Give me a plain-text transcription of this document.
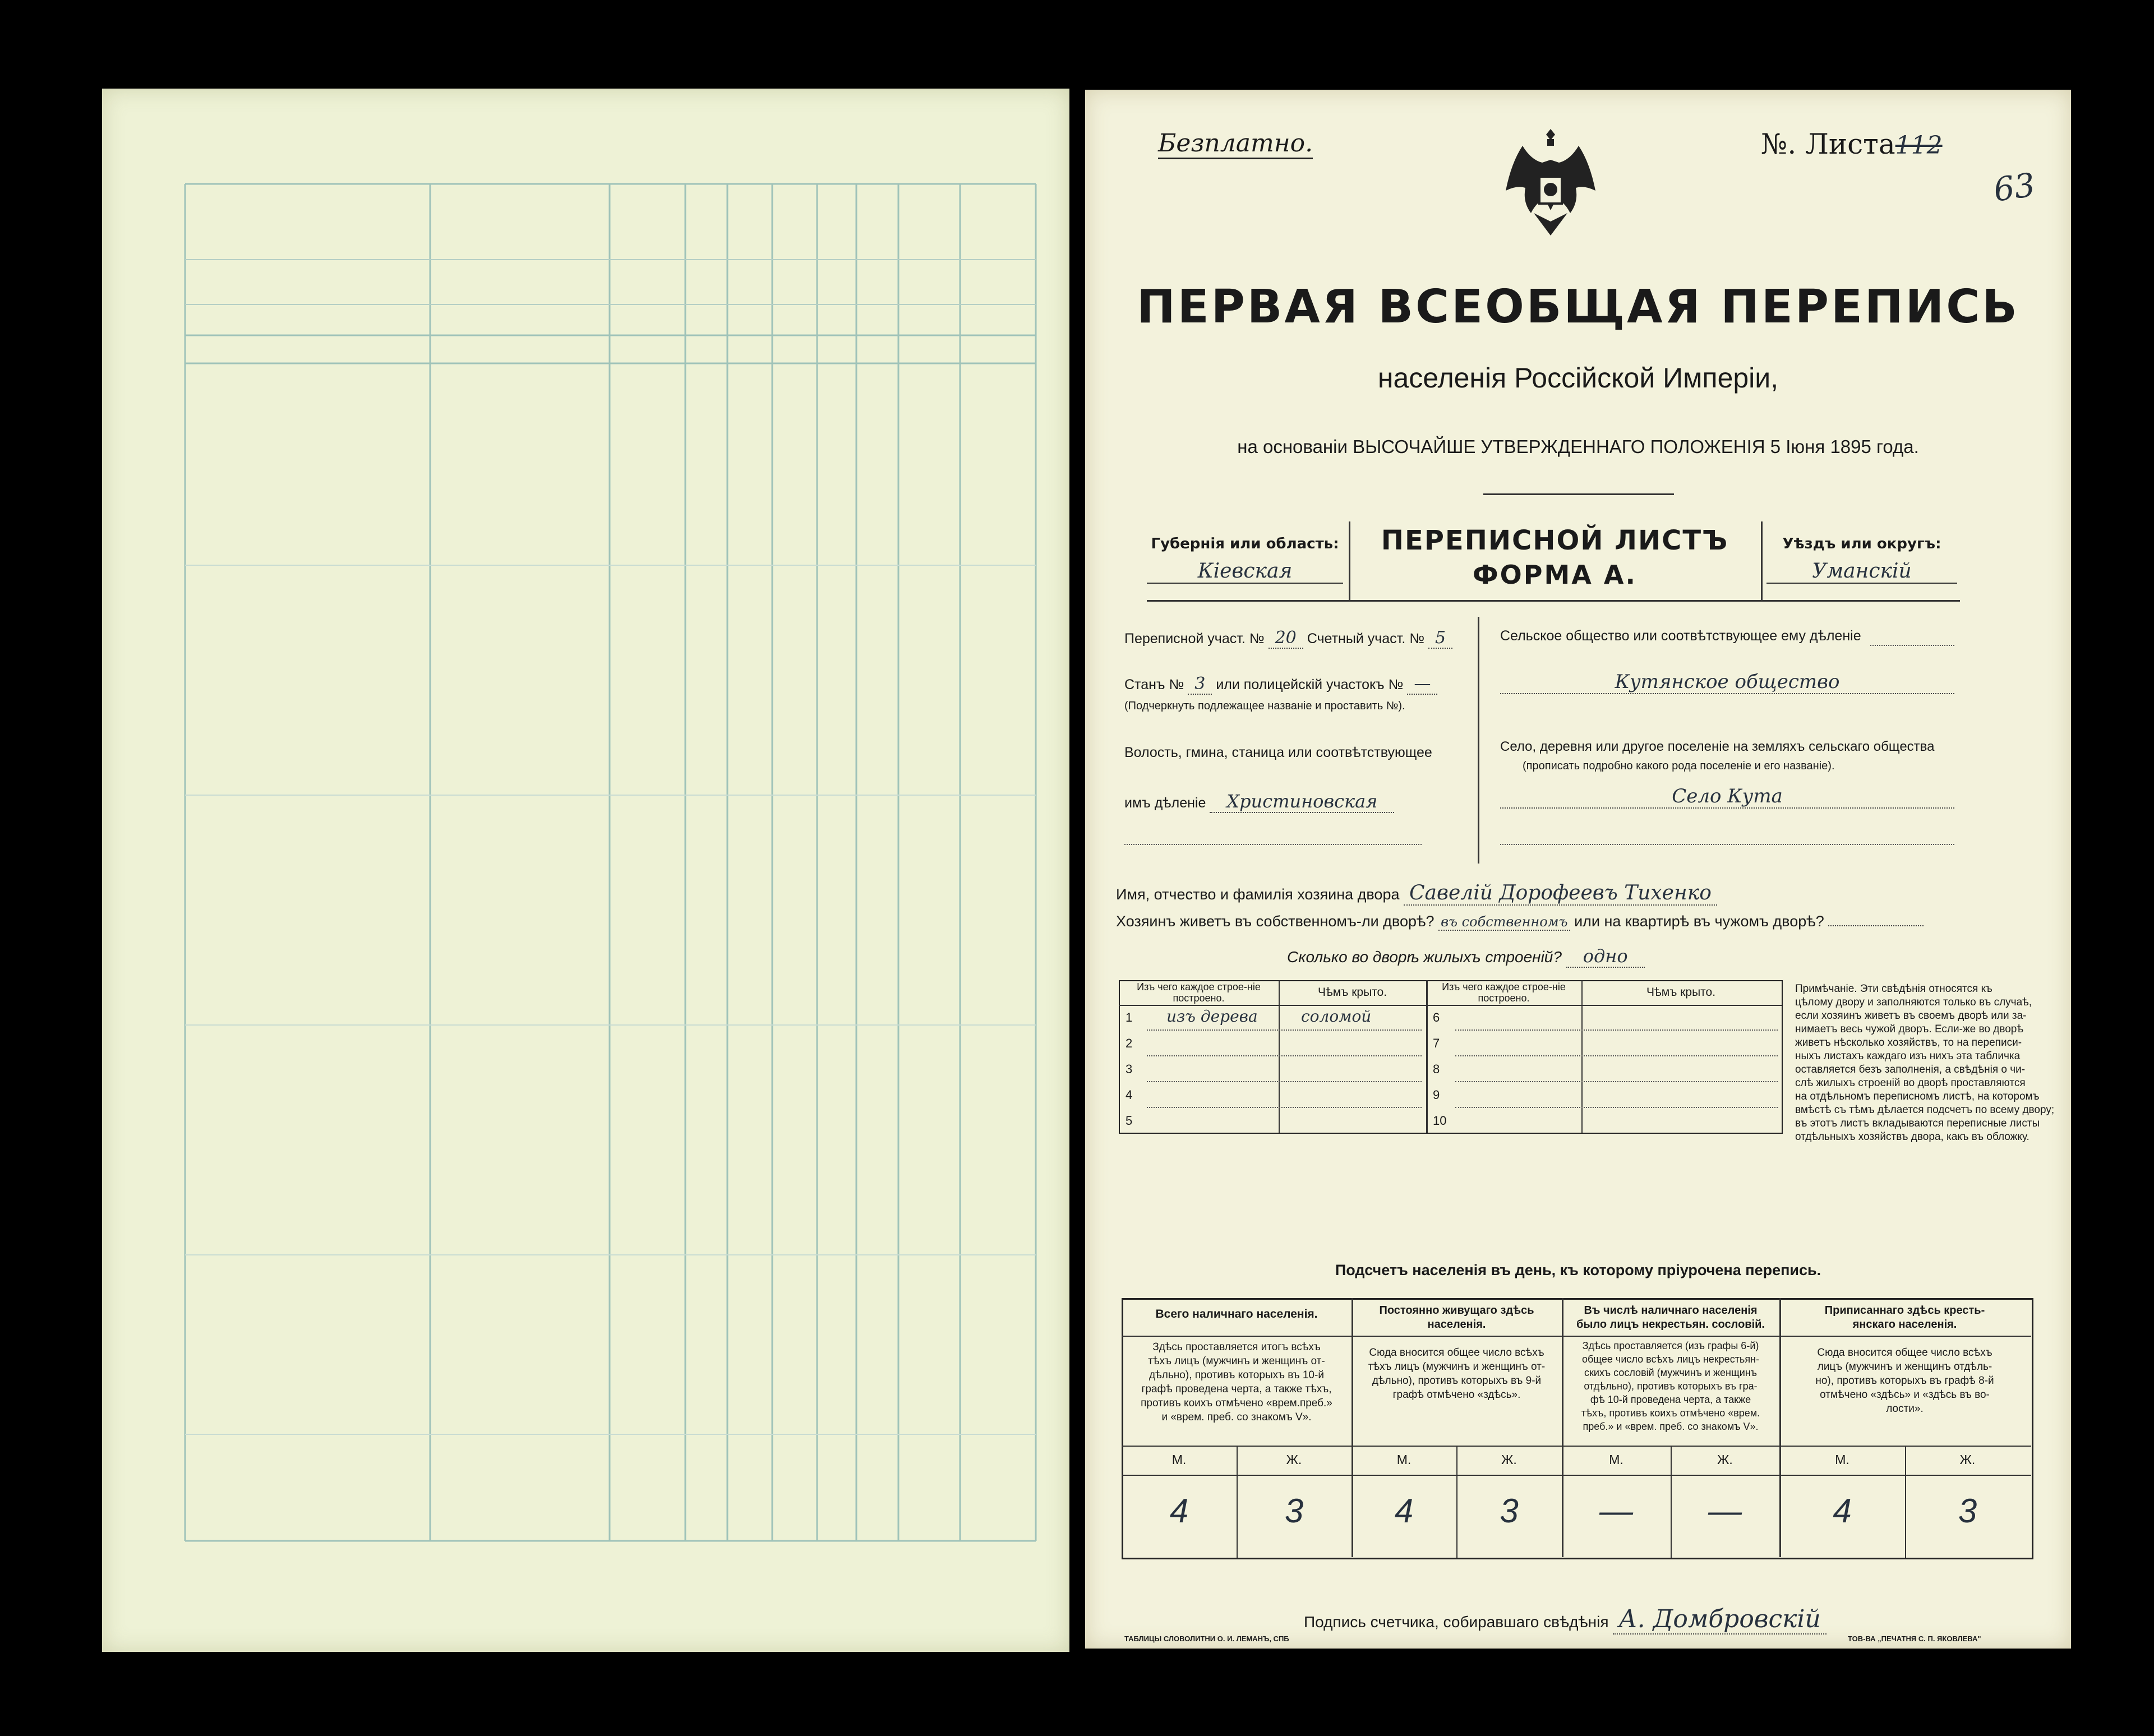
Безплатно.	№. Листа112
63
ПЕРВАЯ ВСЕОБЩАЯ ПЕРЕПИСЬ
населенія Россійской Имперіи,
на основаніи ВЫСОЧАЙШЕ УТВЕРЖДЕННАГО ПОЛОЖЕНІЯ 5 Іюня 1895 года.
Губернія или область:
Кіевская
ПЕРЕПИСНОЙ ЛИСТЪ
ФОРМА А.
Уѣздъ или округъ:
Уманскій
Переписной участ. № 20 Счетный участ. № 5
Станъ № 3 или полицейскій участокъ № —
(Подчеркнуть подлежащее названіе и проставить №).
Волость, гмина, станица или соотвѣтствующее
имъ дѣленіе Христиновская
Сельское общество или соотвѣтствующее ему дѣленіе
Кутянское общество
Село, деревня или другое поселеніе на земляхъ сельскаго общества
(прописать подробно какого рода поселеніе и его названіе).
Село Кута
Имя, отчество и фамилія хозяина двора Савелій Дорофеевъ Тихенко
Хозяинъ живетъ въ собственномъ-ли дворѣ? въ собственномъ или на квартирѣ въ чужомъ дворѣ?
Сколько во дворѣ жилыхъ строеній? одно
Изъ чего каждое строе-ніе построено.	Чѣмъ крыто.	Изъ чего каждое строе-ніе построено.	Чѣмъ крыто.
1 изъ дерева	соломой
2
3
4
5
6
7
8
9
10
Примѣчаніе. Эти свѣдѣнія относятся къ
цѣлому двору и заполняются только въ случаѣ,
если хозяинъ живетъ въ своемъ дворѣ или за-
нимаетъ весь чужой дворъ. Если-же во дворѣ
живетъ нѣсколько хозяйствъ, то на переписи-
ныхъ листахъ каждаго изъ нихъ эта табличка
оставляется безъ заполненія, а свѣдѣнія о чи-
слѣ жилыхъ строеній во дворѣ проставляются
на отдѣльномъ переписномъ листѣ, на которомъ
вмѣстѣ съ тѣмъ дѣлается подсчетъ по всему двору;
въ этотъ листъ вкладываются переписные листы
отдѣльныхъ хозяйствъ двора, какъ въ обложку.
Подсчетъ населенія въ день, къ которому пріурочена перепись.
Всего наличнаго населенія.
Здѣсь проставляется итогъ всѣхъ
тѣхъ лицъ (мужчинъ и женщинъ от-
дѣльно), противъ которыхъ въ 10-й
графѣ проведена черта, а также тѣхъ,
противъ коихъ отмѣчено «врем.преб.»
и «врем. преб. со знакомъ V».
Постоянно живущаго здѣсь
населенія.
Сюда вносится общее число всѣхъ
тѣхъ лицъ (мужчинъ и женщинъ от-
дѣльно), противъ которыхъ въ 9-й
графѣ отмѣчено «здѣсь».
Въ числѣ наличнаго населенія
было лицъ некрестьян. сословій.
Здѣсь проставляется (изъ графы 6-й)
общее число всѣхъ лицъ некрестьян-
скихъ сословій (мужчинъ и женщинъ
отдѣльно), противъ которыхъ въ гра-
фѣ 10-й проведена черта, а также
тѣхъ, противъ коихъ отмѣчено «врем.
преб.» и «врем. преб. со знакомъ V».
Приписаннаго здѣсь кресть-
янскаго населенія.
Сюда вносится общее число всѣхъ
лицъ (мужчинъ и женщинъ отдѣль-
но), противъ которыхъ въ графѣ 8-й
отмѣчено «здѣсь» и «здѣсь въ во-
лости».
М.	Ж.	М.	Ж.	М.	Ж.	М.	Ж.
4	3	4	3	—	—	4	3
Подпись счетчика, собиравшаго свѣдѣнія А. Домбровскій
ТАБЛИЦЫ СЛОВОЛИТНИ О. И. ЛЕМАНЪ, СПБ	ТОВ-ВА „ПЕЧАТНЯ С. П. ЯКОВЛЕВА"
